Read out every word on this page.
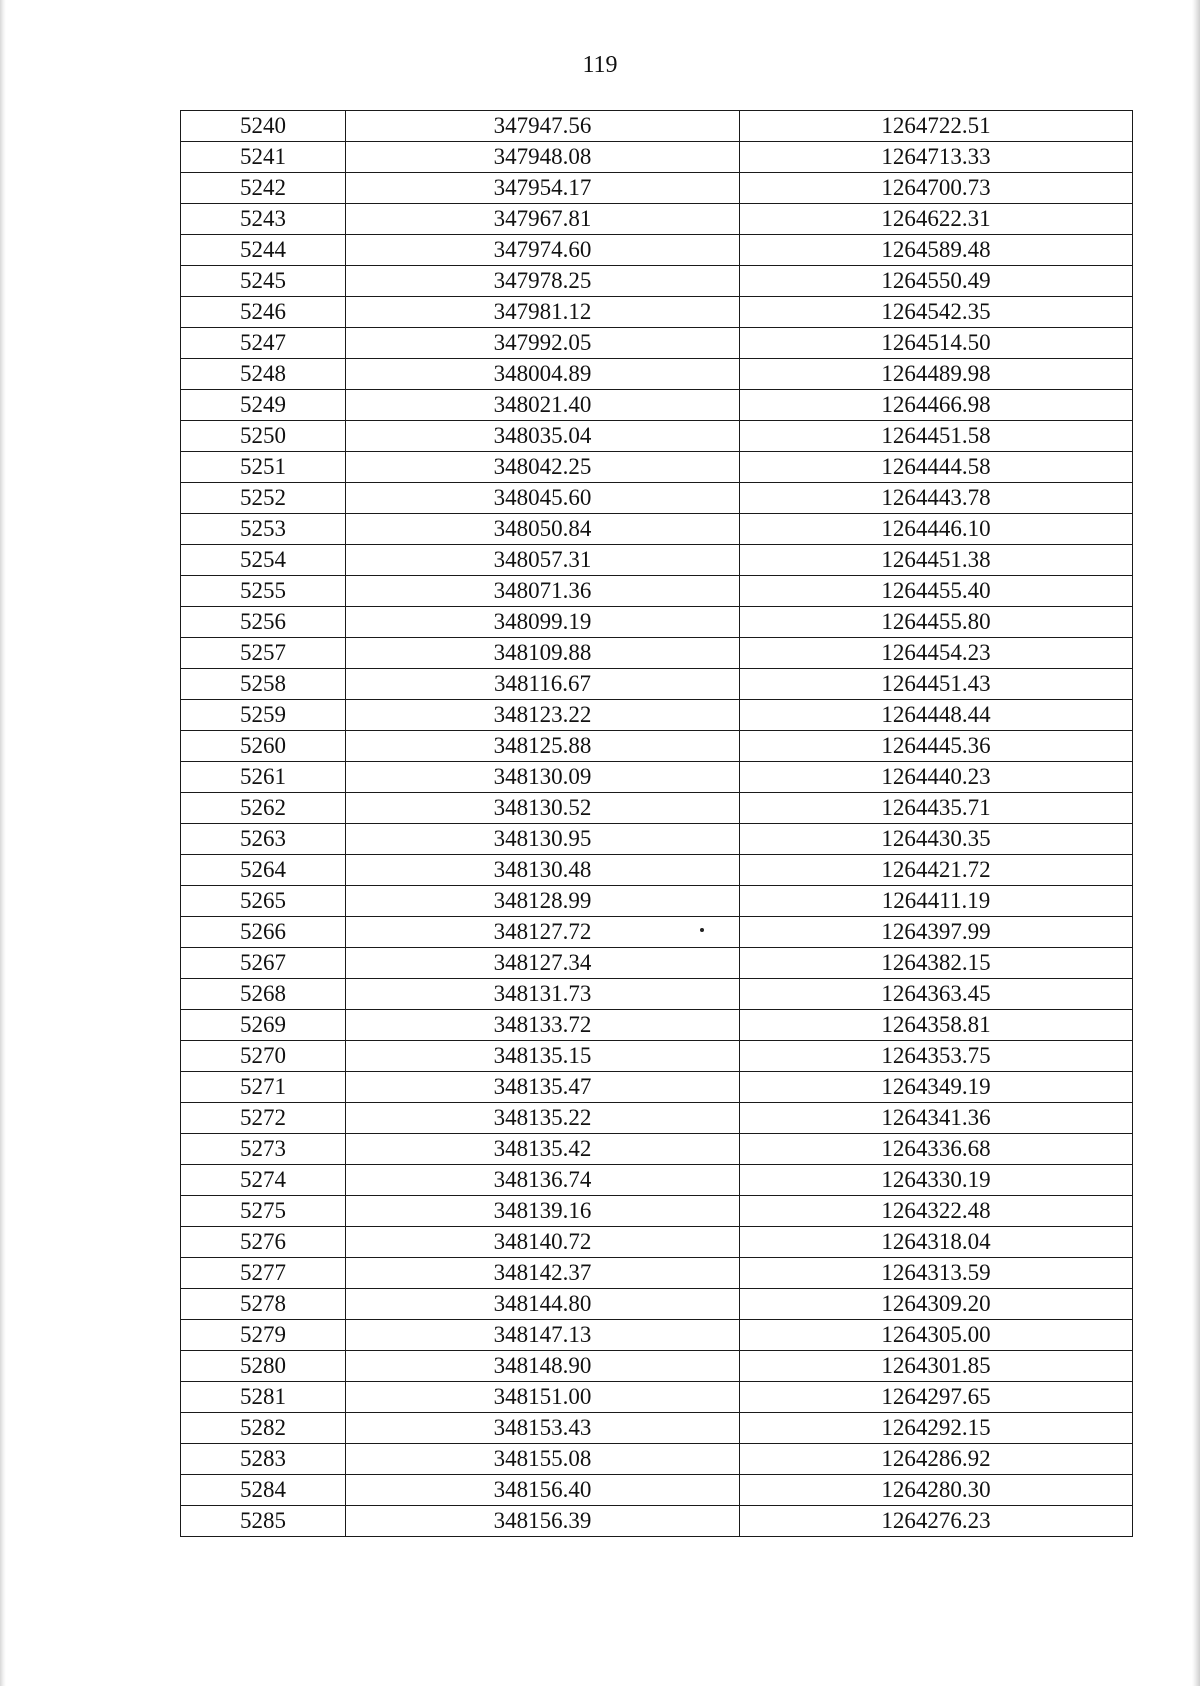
119
5240	347947.56	1264722.51
5241	347948.08	1264713.33
5242	347954.17	1264700.73
5243	347967.81	1264622.31
5244	347974.60	1264589.48
5245	347978.25	1264550.49
5246	347981.12	1264542.35
5247	347992.05	1264514.50
5248	348004.89	1264489.98
5249	348021.40	1264466.98
5250	348035.04	1264451.58
5251	348042.25	1264444.58
5252	348045.60	1264443.78
5253	348050.84	1264446.10
5254	348057.31	1264451.38
5255	348071.36	1264455.40
5256	348099.19	1264455.80
5257	348109.88	1264454.23
5258	348116.67	1264451.43
5259	348123.22	1264448.44
5260	348125.88	1264445.36
5261	348130.09	1264440.23
5262	348130.52	1264435.71
5263	348130.95	1264430.35
5264	348130.48	1264421.72
5265	348128.99	1264411.19
5266	348127.72	1264397.99
5267	348127.34	1264382.15
5268	348131.73	1264363.45
5269	348133.72	1264358.81
5270	348135.15	1264353.75
5271	348135.47	1264349.19
5272	348135.22	1264341.36
5273	348135.42	1264336.68
5274	348136.74	1264330.19
5275	348139.16	1264322.48
5276	348140.72	1264318.04
5277	348142.37	1264313.59
5278	348144.80	1264309.20
5279	348147.13	1264305.00
5280	348148.90	1264301.85
5281	348151.00	1264297.65
5282	348153.43	1264292.15
5283	348155.08	1264286.92
5284	348156.40	1264280.30
5285	348156.39	1264276.23
